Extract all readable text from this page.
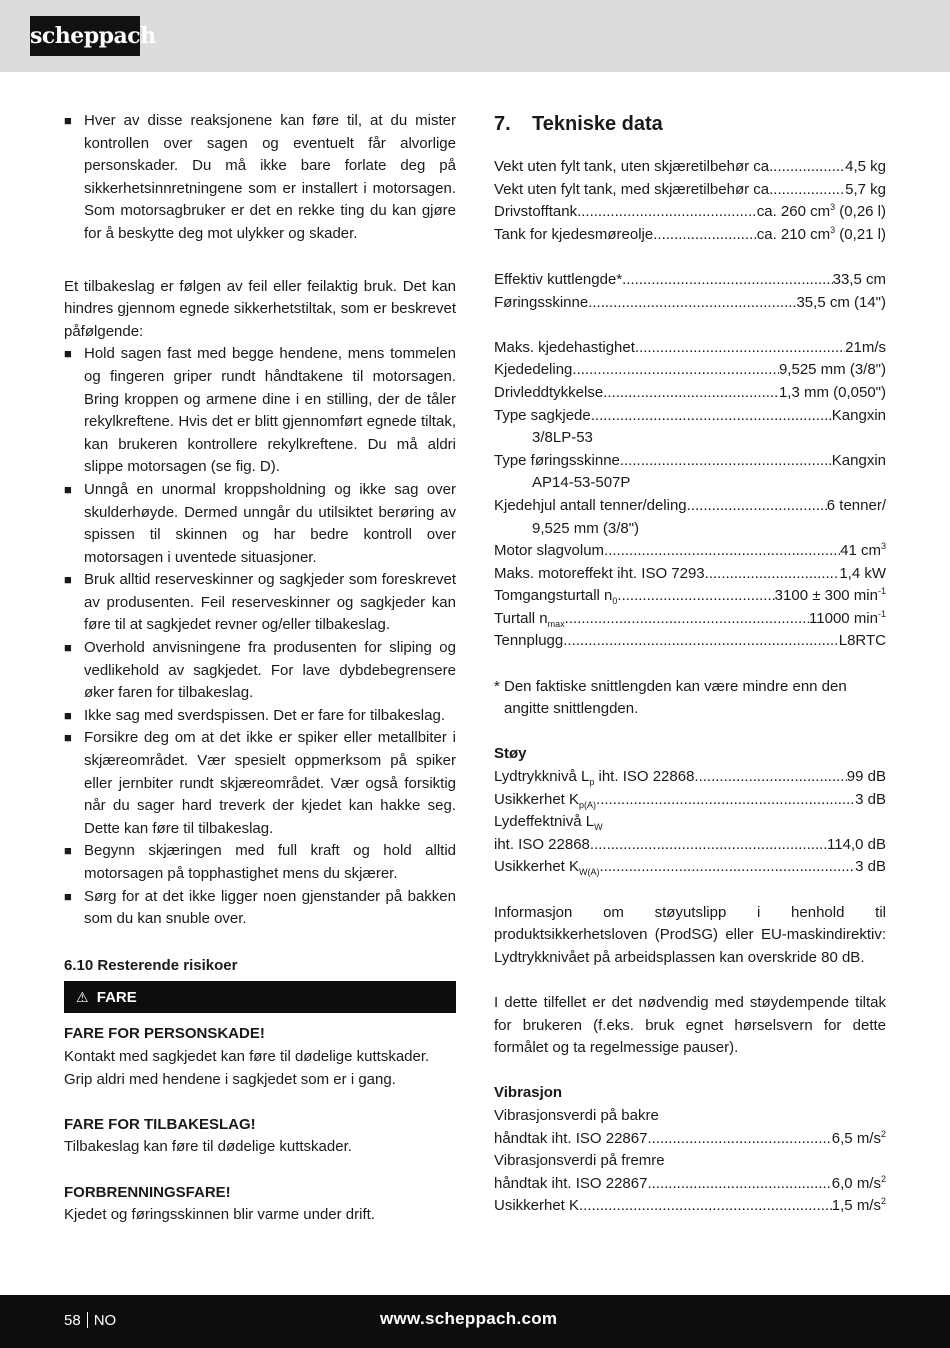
scheppach
■ Hver av disse reaksjonene kan føre til, at du mister kontrollen over sagen og eventuelt får alvorlige personskader. Du må ikke bare forlate deg på sikkerhetsinnretningene som er installert i motorsagen. Som motorsagbruker er det en rekke ting du kan gjøre for å beskytte deg mot ulykker og skader.

Et tilbakeslag er følgen av feil eller feilaktig bruk. Det kan hindres gjennom egnede sikkerhetstiltak, som er beskrevet påfølgende:

■ Hold sagen fast med begge hendene, mens tommelen og fingeren griper rundt håndtakene til motorsagen. Bring kroppen og armene dine i en stilling, der de tåler rekylkreftene. Hvis det er blitt gjennomført egnede tiltak, kan brukeren kontrollere rekylkreftene. Du må aldri slippe motorsagen (se fig. D).
■ Unngå en unormal kroppsholdning og ikke sag over skulderhøyde. Dermed unngår du utilsiktet berøring av spissen til skinnen og har bedre kontroll over motorsagen i uventede situasjoner.
■ Bruk alltid reserveskinner og sagkjeder som foreskrevet av produsenten. Feil reserveskinner og sagkjeder kan føre til at sagkjedet revner og/eller tilbakeslag.
■ Overhold anvisningene fra produsenten for sliping og vedlikehold av sagkjedet. For lave dybdebegrensere øker faren for tilbakeslag.
■ Ikke sag med sverdspissen. Det er fare for tilbakeslag.
■ Forsikre deg om at det ikke er spiker eller metallbiter i skjæreområdet. Vær spesielt oppmerksom på spiker eller jernbiter rundt skjæreområdet. Vær også forsiktig når du sager hard treverk der kjedet kan hakke seg. Dette kan føre til tilbakeslag.
■ Begynn skjæringen med full kraft og hold alltid motorsagen på topphastighet mens du skjærer.
■ Sørg for at det ikke ligger noen gjenstander på bakken som du kan snuble over.

6.10 Resterende risikoer

⚠ FARE

FARE FOR PERSONSKADE!

Kontakt med sagkjedet kan føre til dødelige kuttskader. Grip aldri med hendene i sagkjedet som er i gang.

FARE FOR TILBAKESLAG!

Tilbakeslag kan føre til dødelige kuttskader.

FORBRENNINGSFARE!

Kjedet og føringsskinnen blir varme under drift.

7. Tekniske data
Vekt uten fylt tank, uten skjæretilbehør ca .....	4,5 kg
Vekt uten fylt tank, med skjæretilbehør ca .....	5,7 kg
Drivstofftank .....	ca. 260 $cm^3$ (0,26 l)
Tank for kjedesmøreolje .....	ca. 210 $cm^3$ (0,21 l)
Effektiv kuttlengde* .....	33,5 cm
Føringsskinne .....	35,5 cm (14")
Maks. kjedehastighet .....	21m/s
Kjededeling .....	9,525 mm (3/8")
Drivleddtykkelse .....	1,3 mm (0,050")
Type sagkjede .....	Kangxin
3/8LP-53
Type føringsskinne .....	Kangxin
AP14-53-507P
Kjedehjul antall tenner/deling .....	6 tenner/
9,525 mm (3/8")
Motor slagvolum .....	41 $cm^3$
Maks. motoreffekt iht. ISO 7293 .....	1,4 kW
Tomgangsturtall $n_0$ .....	3100 ± 300 $\min^{-1}$
Turtall $n_{max}$ .....	11000 $\min^{-1}$
Tennplugg .....	L8RTC

* Den faktiske snittlengden kan være mindre enn den angitte snittlengden.

Støy

Lydtrykknivå $L_p$ iht. ISO 22868 .....	99 dB
Usikkerhet $K_{p(A)}$ .....	3 dB
Lydeffektnivå $L_W$
iht. ISO 22868 .....	114,0 dB
Usikkerhet $K_{W(A)}$ .....	3 dB

Informasjon om støyutslipp i henhold til produktsikkerhetsloven (ProdSG) eller EU-maskindirektiv: Lydtrykknivået på arbeidsplassen kan overskride 80 dB.

I dette tilfellet er det nødvendig med støydempende tiltak for brukeren (f.eks. bruk egnet hørselsvern for dette formålet og ta regelmessige pauser).

Vibrasjon

Vibrasjonsverdi på bakre
håndtak iht. ISO 22867 .....	6,5 $m/s^2$
Vibrasjonsverdi på fremre
håndtak iht. ISO 22867 .....	6,0 $m/s^2$
Usikkerhet K .....	1,5 $m/s^2$
58 NO	www.scheppach.com
